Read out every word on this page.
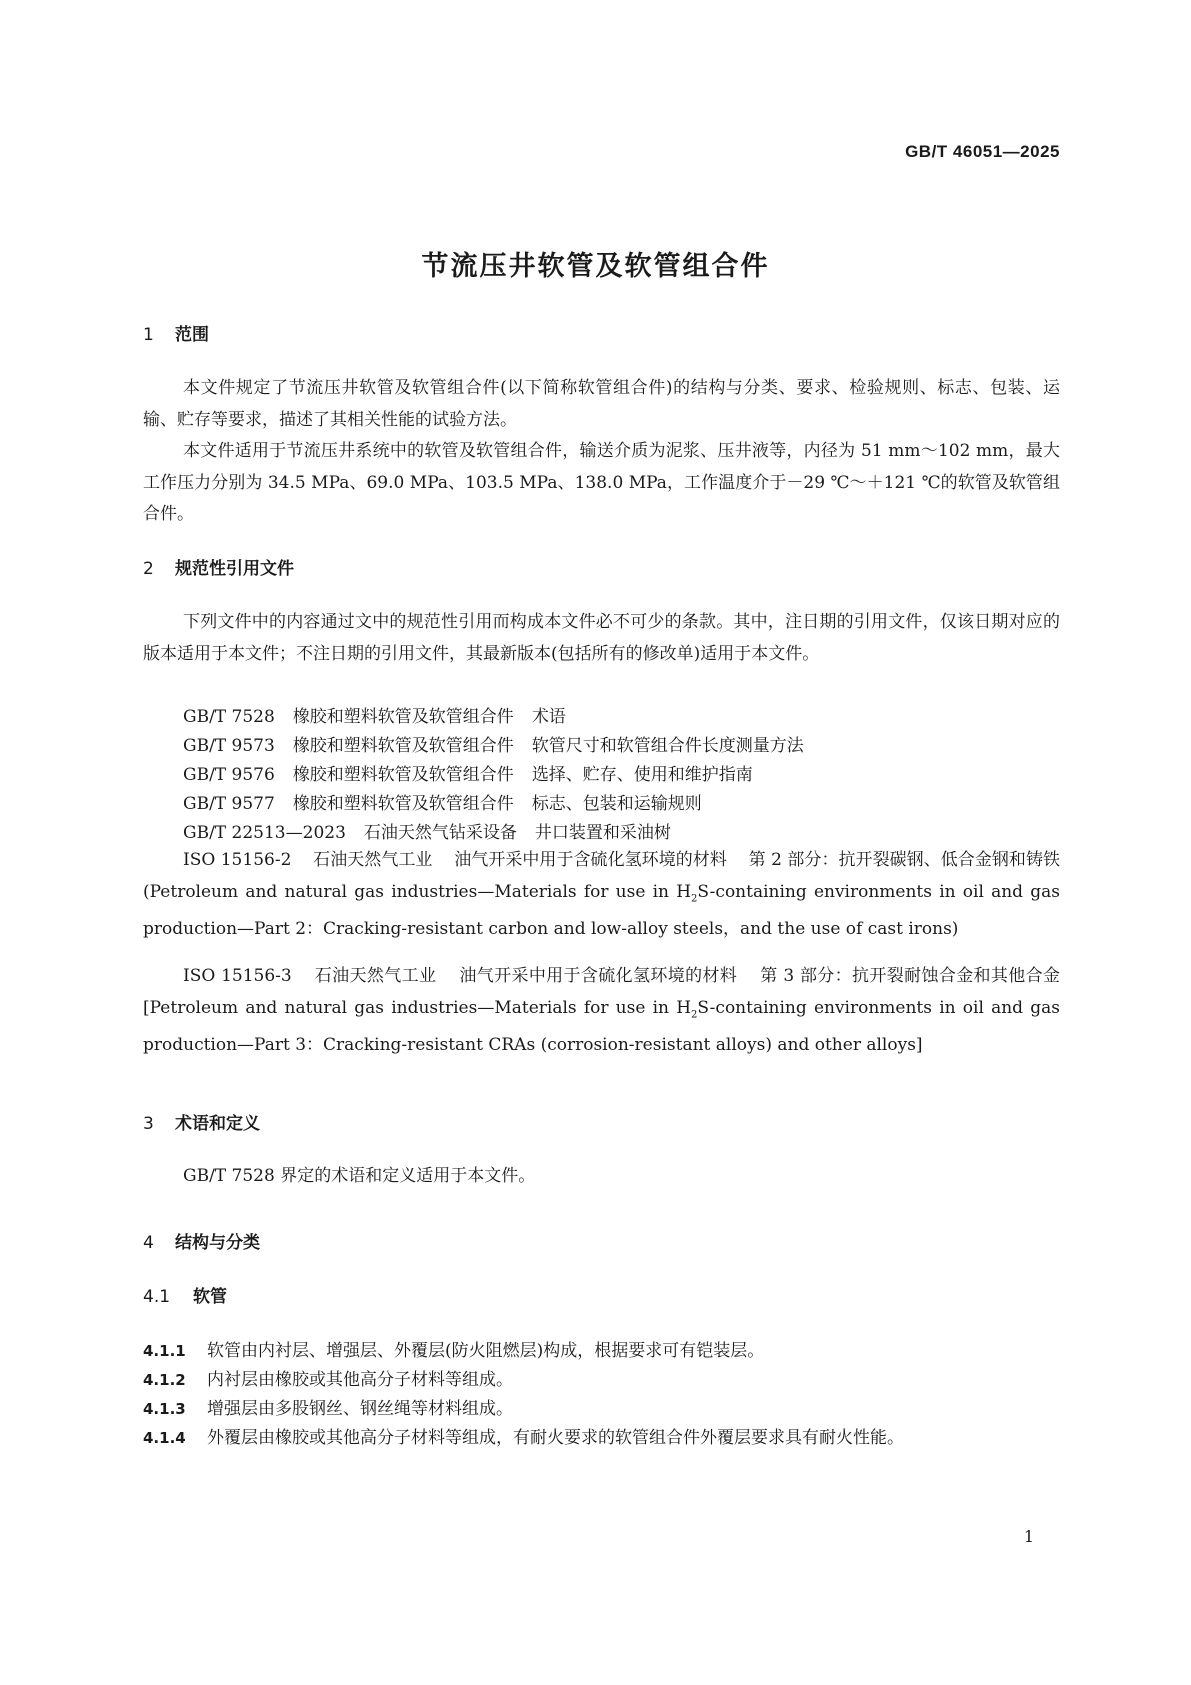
GB/T 46051—2025
节流压井软管及软管组合件
1 范围
本文件规定了节流压井软管及软管组合件(以下简称软管组合件)的结构与分类、要求、检验规则、标志、包装、运输、贮存等要求，描述了其相关性能的试验方法。
本文件适用于节流压井系统中的软管及软管组合件，输送介质为泥浆、压井液等，内径为 51 mm～102 mm，最大工作压力分别为 34.5 MPa、69.0 MPa、103.5 MPa、138.0 MPa，工作温度介于－29 ℃～＋121 ℃的软管及软管组合件。
2 规范性引用文件
下列文件中的内容通过文中的规范性引用而构成本文件必不可少的条款。其中，注日期的引用文件，仅该日期对应的版本适用于本文件；不注日期的引用文件，其最新版本(包括所有的修改单)适用于本文件。
GB/T 7528 橡胶和塑料软管及软管组合件 术语
GB/T 9573 橡胶和塑料软管及软管组合件 软管尺寸和软管组合件长度测量方法
GB/T 9576 橡胶和塑料软管及软管组合件 选择、贮存、使用和维护指南
GB/T 9577 橡胶和塑料软管及软管组合件 标志、包装和运输规则
GB/T 22513—2023 石油天然气钻采设备 井口装置和采油树
ISO 15156-2 石油天然气工业 油气开采中用于含硫化氢环境的材料 第 2 部分：抗开裂碳钢、低合金钢和铸铁(Petroleum and natural gas industries—Materials for use in $H_2S$-containing environments in oil and gas production—Part 2：Cracking-resistant carbon and low-alloy steels，and the use of cast irons)
ISO 15156-3 石油天然气工业 油气开采中用于含硫化氢环境的材料 第 3 部分：抗开裂耐蚀合金和其他合金[Petroleum and natural gas industries—Materials for use in $H_2S$-containing environments in oil and gas production—Part 3：Cracking-resistant CRAs (corrosion-resistant alloys) and other alloys]
3 术语和定义
GB/T 7528 界定的术语和定义适用于本文件。
4 结构与分类
4.1 软管
4.1.1 软管由内衬层、增强层、外覆层(防火阻燃层)构成，根据要求可有铠装层。
4.1.2 内衬层由橡胶或其他高分子材料等组成。
4.1.3 增强层由多股钢丝、钢丝绳等材料组成。
4.1.4 外覆层由橡胶或其他高分子材料等组成，有耐火要求的软管组合件外覆层要求具有耐火性能。
1
